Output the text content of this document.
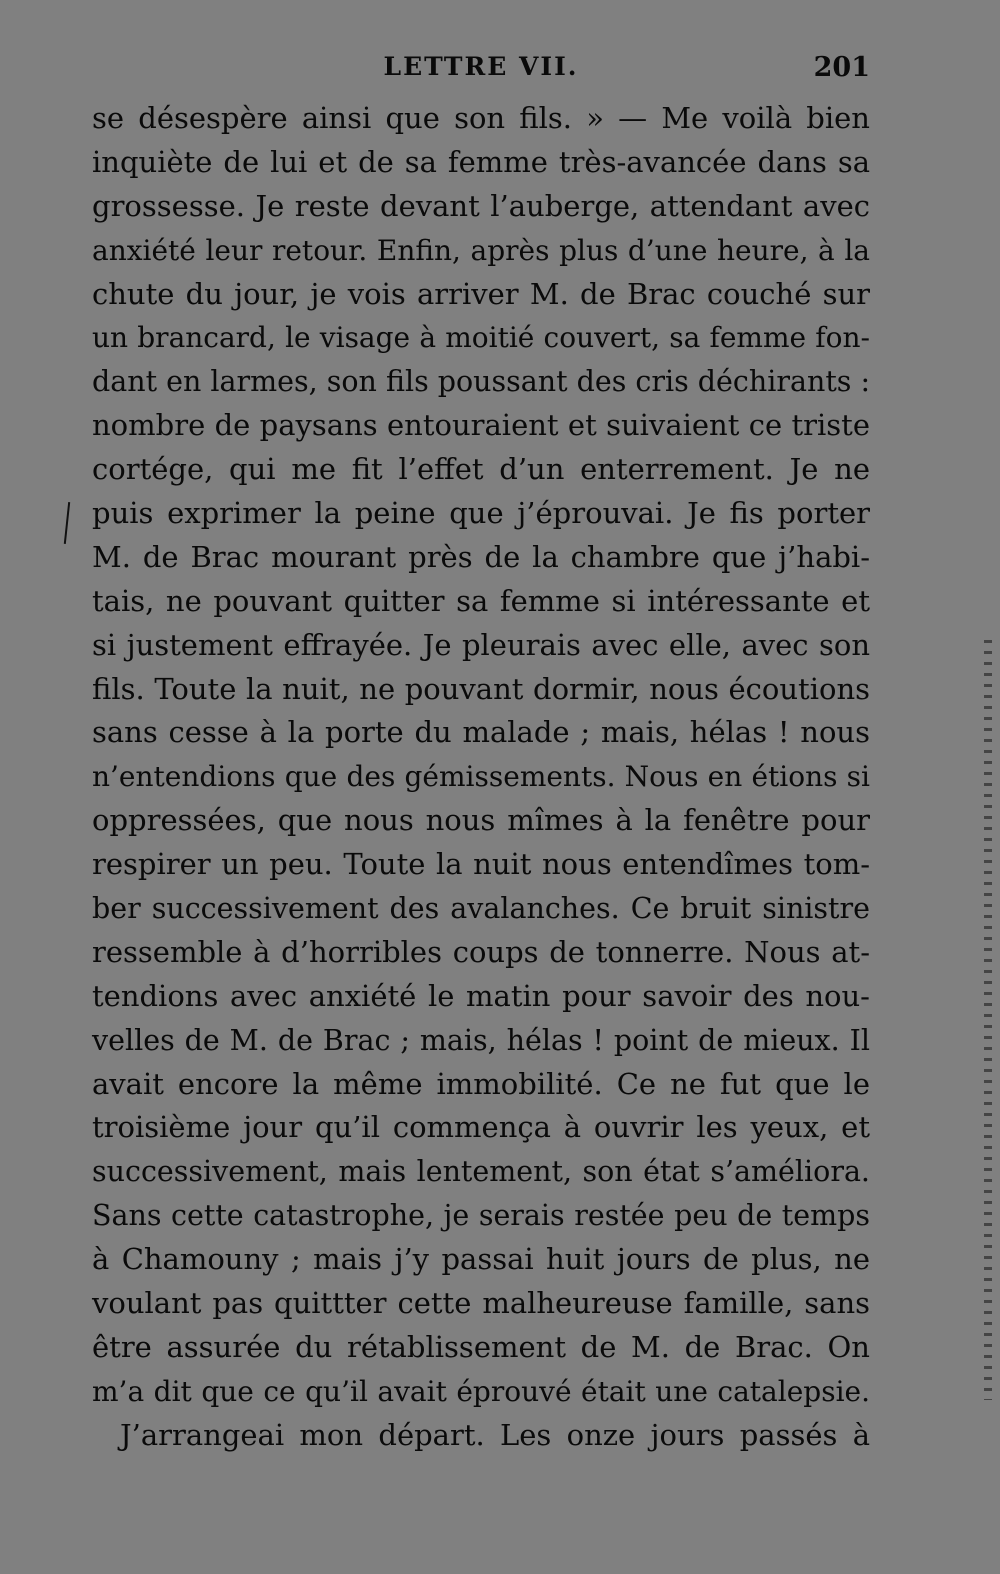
LETTRE VII.	201
se désespère ainsi que son fils. » — Me voilà bien
inquiète de lui et de sa femme très-avancée dans sa
grossesse. Je reste devant l’auberge, attendant avec
anxiété leur retour. Enfin, après plus d’une heure, à la
chute du jour, je vois arriver M. de Brac couché sur
un brancard, le visage à moitié couvert, sa femme fon-
dant en larmes, son fils poussant des cris déchirants :
nombre de paysans entouraient et suivaient ce triste
cortége, qui me fit l’effet d’un enterrement. Je ne
puis exprimer la peine que j’éprouvai. Je fis porter
M. de Brac mourant près de la chambre que j’habi-
tais, ne pouvant quitter sa femme si intéressante et
si justement effrayée. Je pleurais avec elle, avec son
fils. Toute la nuit, ne pouvant dormir, nous écoutions
sans cesse à la porte du malade ; mais, hélas ! nous
n’entendions que des gémissements. Nous en étions si
oppressées, que nous nous mîmes à la fenêtre pour
respirer un peu. Toute la nuit nous entendîmes tom-
ber successivement des avalanches. Ce bruit sinistre
ressemble à d’horribles coups de tonnerre. Nous at-
tendions avec anxiété le matin pour savoir des nou-
velles de M. de Brac ; mais, hélas ! point de mieux. Il
avait encore la même immobilité. Ce ne fut que le
troisième jour qu’il commença à ouvrir les yeux, et
successivement, mais lentement, son état s’améliora.
Sans cette catastrophe, je serais restée peu de temps
à Chamouny ; mais j’y passai huit jours de plus, ne
voulant pas quittter cette malheureuse famille, sans
être assurée du rétablissement de M. de Brac. On
m’a dit que ce qu’il avait éprouvé était une catalepsie.
J’arrangeai mon départ. Les onze jours passés à
